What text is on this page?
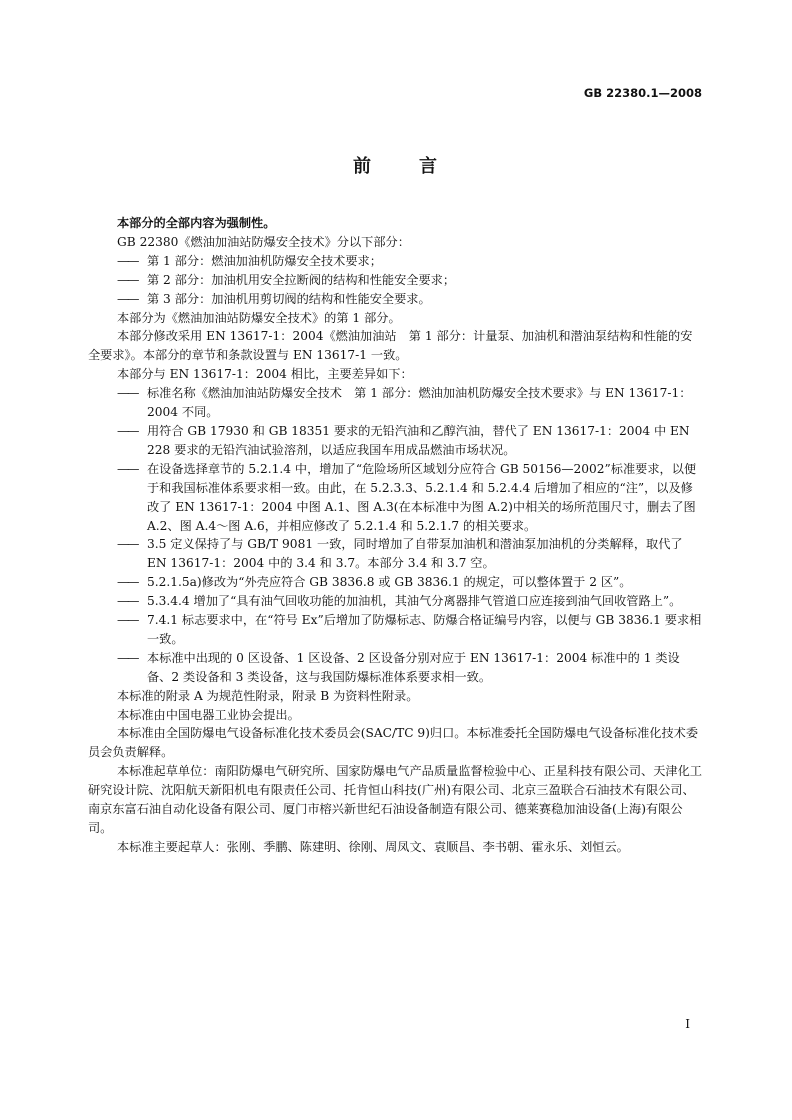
GB 22380.1—2008
前	言

本部分的全部内容为强制性。

GB 22380《燃油加油站防爆安全技术》分以下部分：

—— 第 1 部分：燃油加油机防爆安全技术要求；

—— 第 2 部分：加油机用安全拉断阀的结构和性能安全要求；

—— 第 3 部分：加油机用剪切阀的结构和性能安全要求。

本部分为《燃油加油站防爆安全技术》的第 1 部分。

本部分修改采用 EN 13617-1：2004《燃油加油站　第 1 部分：计量泵、加油机和潜油泵结构和性能的安全要求》。本部分的章节和条款设置与 EN 13617-1 一致。

本部分与 EN 13617-1：2004 相比，主要差异如下：

—— 标准名称《燃油加油站防爆安全技术　第 1 部分：燃油加油机防爆安全技术要求》与 EN 13617-1：2004 不同。

—— 用符合 GB 17930 和 GB 18351 要求的无铅汽油和乙醇汽油，替代了 EN 13617-1：2004 中 EN 228 要求的无铅汽油试验溶剂，以适应我国车用成品燃油市场状况。

—— 在设备选择章节的 5.2.1.4 中，增加了“危险场所区域划分应符合 GB 50156—2002”标准要求，以便于和我国标准体系要求相一致。由此，在 5.2.3.3、5.2.1.4 和 5.2.4.4 后增加了相应的“注”，以及修改了 EN 13617-1：2004 中图 A.1、图 A.3(在本标准中为图 A.2)中相关的场所范围尺寸，删去了图 A.2、图 A.4～图 A.6，并相应修改了 5.2.1.4 和 5.2.1.7 的相关要求。

—— 3.5 定义保持了与 GB/T 9081 一致，同时增加了自带泵加油机和潜油泵加油机的分类解释，取代了 EN 13617-1：2004 中的 3.4 和 3.7。本部分 3.4 和 3.7 空。

—— 5.2.1.5a)修改为“外壳应符合 GB 3836.8 或 GB 3836.1 的规定，可以整体置于 2 区”。

—— 5.3.4.4 增加了“具有油气回收功能的加油机，其油气分离器排气管道口应连接到油气回收管路上”。

—— 7.4.1 标志要求中，在“符号 Ex”后增加了防爆标志、防爆合格证编号内容，以便与 GB 3836.1 要求相一致。

—— 本标准中出现的 0 区设备、1 区设备、2 区设备分别对应于 EN 13617-1：2004 标准中的 1 类设备、2 类设备和 3 类设备，这与我国防爆标准体系要求相一致。

本标准的附录 A 为规范性附录，附录 B 为资料性附录。

本标准由中国电器工业协会提出。

本标准由全国防爆电气设备标准化技术委员会(SAC/TC 9)归口。本标准委托全国防爆电气设备标准化技术委员会负责解释。

本标准起草单位：南阳防爆电气研究所、国家防爆电气产品质量监督检验中心、正星科技有限公司、天津化工研究设计院、沈阳航天新阳机电有限责任公司、托肯恒山科技(广州)有限公司、北京三盈联合石油技术有限公司、南京东富石油自动化设备有限公司、厦门市榕兴新世纪石油设备制造有限公司、德莱赛稳加油设备(上海)有限公司。

本标准主要起草人：张刚、季鹏、陈建明、徐刚、周凤文、袁顺昌、李书朝、霍永乐、刘恒云。

I
